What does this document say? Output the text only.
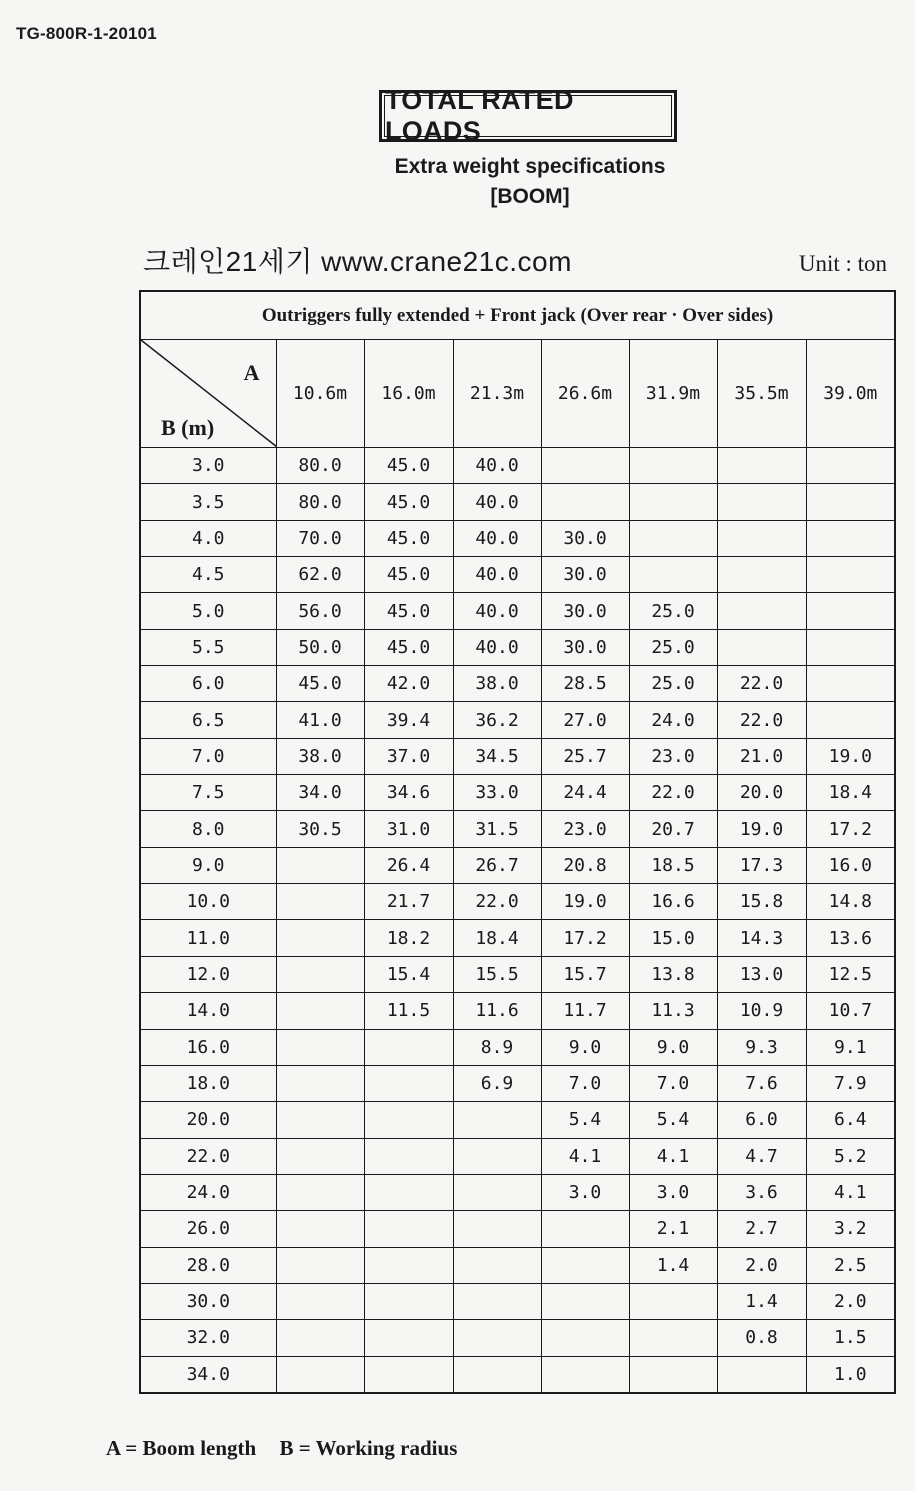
TG-800R-1-20101
TOTAL RATED LOADS
Extra weight specifications
[BOOM]
크레인21세기 www.crane21c.com	Unit : ton
Outriggers fully extended + Front jack (Over rear · Over sides)							

A
B (m)	10.6m	16.0m	21.3m	26.6m	31.9m	35.5m	39.0m
3.0	80.0	45.0	40.0				
3.5	80.0	45.0	40.0				
4.0	70.0	45.0	40.0	30.0			
4.5	62.0	45.0	40.0	30.0			
5.0	56.0	45.0	40.0	30.0	25.0		
5.5	50.0	45.0	40.0	30.0	25.0		
6.0	45.0	42.0	38.0	28.5	25.0	22.0	
6.5	41.0	39.4	36.2	27.0	24.0	22.0	
7.0	38.0	37.0	34.5	25.7	23.0	21.0	19.0
7.5	34.0	34.6	33.0	24.4	22.0	20.0	18.4
8.0	30.5	31.0	31.5	23.0	20.7	19.0	17.2
9.0		26.4	26.7	20.8	18.5	17.3	16.0
10.0		21.7	22.0	19.0	16.6	15.8	14.8
11.0		18.2	18.4	17.2	15.0	14.3	13.6
12.0		15.4	15.5	15.7	13.8	13.0	12.5
14.0		11.5	11.6	11.7	11.3	10.9	10.7
16.0			8.9	9.0	9.0	9.3	9.1
18.0			6.9	7.0	7.0	7.6	7.9
20.0				5.4	5.4	6.0	6.4
22.0				4.1	4.1	4.7	5.2
24.0				3.0	3.0	3.6	4.1
26.0					2.1	2.7	3.2
28.0					1.4	2.0	2.5
30.0						1.4	2.0
32.0						0.8	1.5
34.0							1.0
A = Boom length B = Working radius
